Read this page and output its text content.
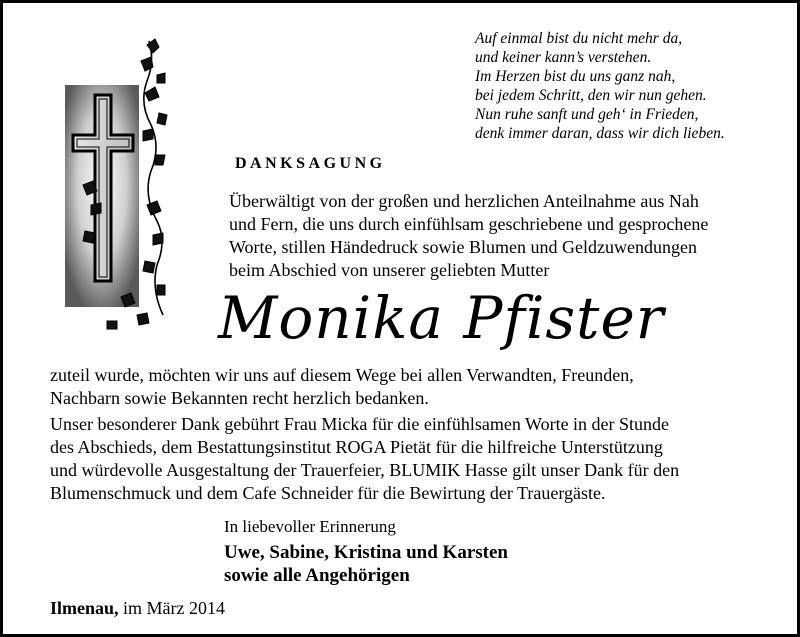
Auf einmal bist du nicht mehr da,
und keiner kann’s verstehen.
Im Herzen bist du uns ganz nah,
bei jedem Schritt, den wir nun gehen.
Nun ruhe sanft und geh‘ in Frieden,
denk immer daran, dass wir dich lieben.
DANKSAGUNG
Überwältigt von der großen und herzlichen Anteilnahme aus Nah
und Fern, die uns durch einfühlsam geschriebene und gesprochene
Worte, stillen Händedruck sowie Blumen und Geldzuwendungen
beim Abschied von unserer geliebten Mutter
Monika Pfister
zuteil wurde, möchten wir uns auf diesem Wege bei allen Verwandten, Freunden,
Nachbarn sowie Bekannten recht herzlich bedanken.
Unser besonderer Dank gebührt Frau Micka für die einfühlsamen Worte in der Stunde
des Abschieds, dem Bestattungsinstitut ROGA Pietät für die hilfreiche Unterstützung
und würdevolle Ausgestaltung der Trauerfeier, BLUMIK Hasse gilt unser Dank für den
Blumenschmuck und dem Cafe Schneider für die Bewirtung der Trauergäste.
In liebevoller Erinnerung
Uwe, Sabine, Kristina und Karsten
sowie alle Angehörigen
Ilmenau, im März 2014
